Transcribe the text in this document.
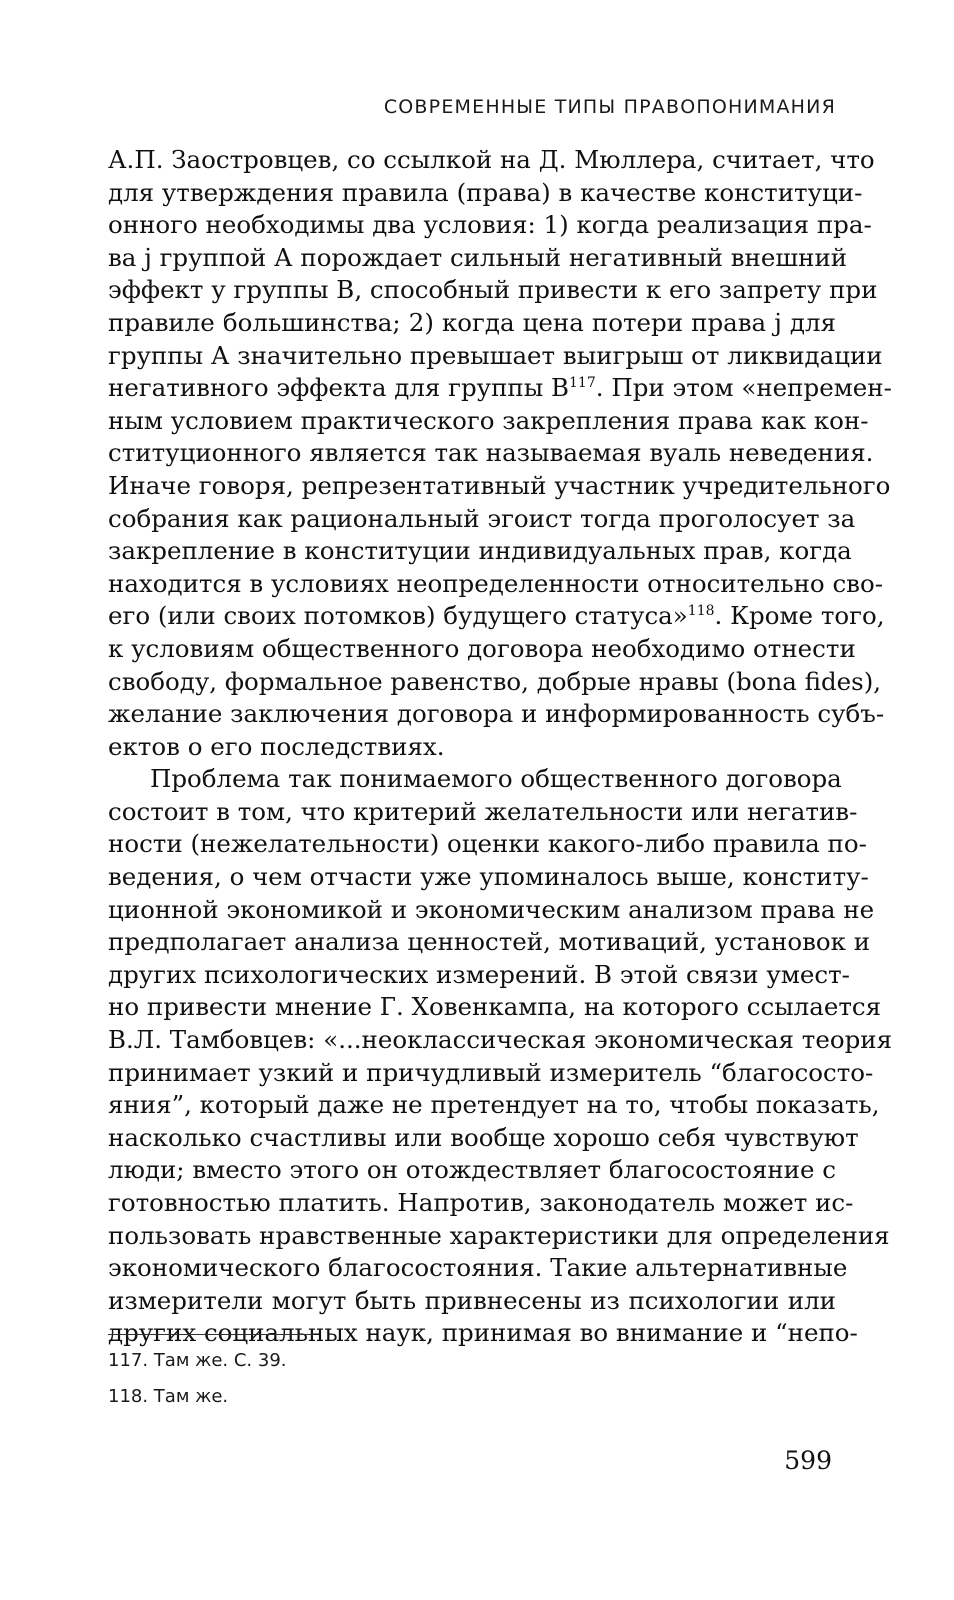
СОВРЕМЕННЫЕ ТИПЫ ПРАВОПОНИМАНИЯ
А.П. Заостровцев, со ссылкой на Д. Мюллера, считает, что
для утверждения правила (права) в качестве конституци-
онного необходимы два условия: 1) когда реализация пра-
ва j группой А порождает сильный негативный внешний
эффект у группы В, способный привести к его запрету при
правиле большинства; 2) когда цена потери права j для
группы А значительно превышает выигрыш от ликвидации
негативного эффекта для группы $В^{117}$. При этом «непремен-
ным условием практического закрепления права как кон-
ституционного является так называемая вуаль неведения.
Иначе говоря, репрезентативный участник учредительного
собрания как рациональный эгоист тогда проголосует за
закрепление в конституции индивидуальных прав, когда
находится в условиях неопределенности относительно сво-
его (или своих потомков) будущего статуса»$^{118}$. Кроме того,
к условиям общественного договора необходимо отнести
свободу, формальное равенство, добрые нравы (bona fides),
желание заключения договора и информированность субъ-
ектов о его последствиях.
Проблема так понимаемого общественного договора
состоит в том, что критерий желательности или негатив-
ности (нежелательности) оценки какого-либо правила по-
ведения, о чем отчасти уже упоминалось выше, конститу-
ционной экономикой и экономическим анализом права не
предполагает анализа ценностей, мотиваций, установок и
других психологических измерений. В этой связи умест-
но привести мнение Г. Ховенкампа, на которого ссылается
В.Л. Тамбовцев: «...неоклассическая экономическая теория
принимает узкий и причудливый измеритель “благососто-
яния”, который даже не претендует на то, чтобы показать,
насколько счастливы или вообще хорошо себя чувствуют
люди; вместо этого он отождествляет благосостояние с
готовностью платить. Напротив, законодатель может ис-
пользовать нравственные характеристики для определения
экономического благосостояния. Такие альтернативные
измерители могут быть привнесены из психологии или
других социальных наук, принимая во внимание и “непо-
117. Там же. С. 39.
118. Там же.
599
